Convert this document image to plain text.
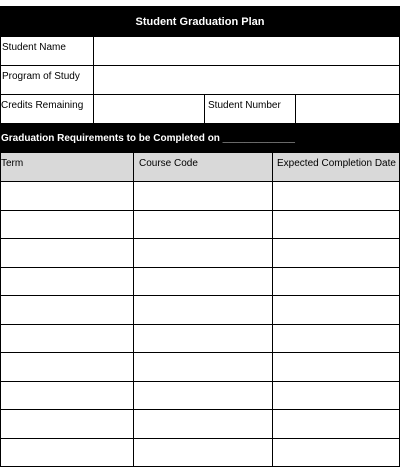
Student Graduation Plan
Student Name
Program of Study
Credits Remaining	Student Number
Graduation Requirements to be Completed on _____________
Term	Course Code	Expected Completion Date
